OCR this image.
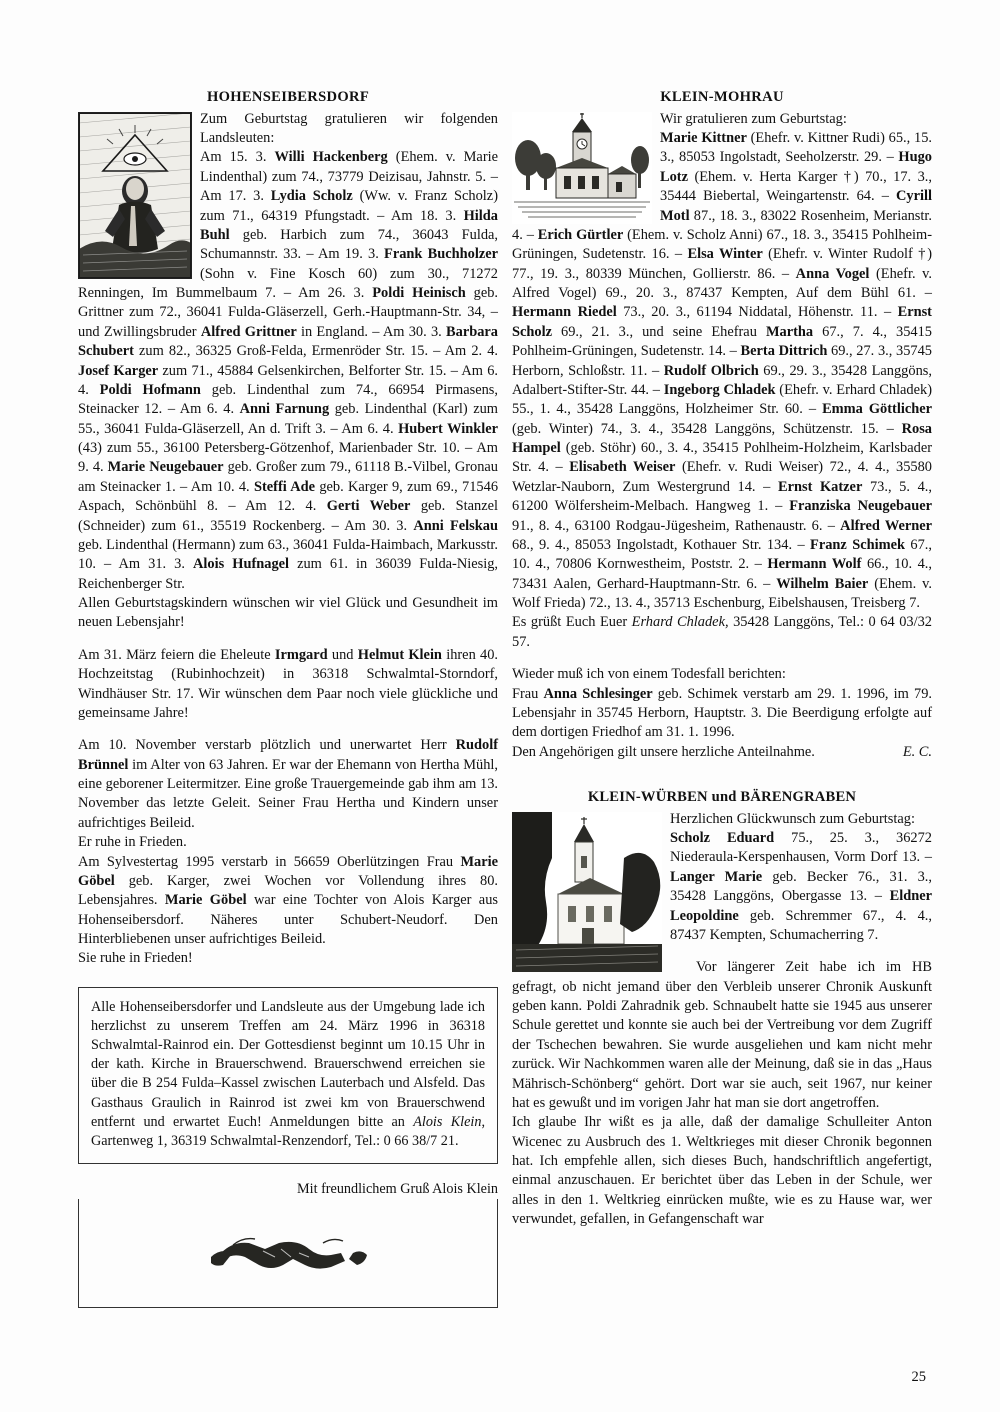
HOHENSEIBERSDORF

Zum Geburtstag gratulieren wir folgenden Landsleuten:

Am 15. 3. Willi Hackenberg (Ehem. v. Marie Lindenthal) zum 74., 73779 Deizisau, Jahnstr. 5. – Am 17. 3. Lydia Scholz (Ww. v. Franz Scholz) zum 71., 64319 Pfungstadt. – Am 18. 3. Hilda Buhl geb. Harbich zum 74., 36043 Fulda, Schumannstr. 33. – Am 19. 3. Frank Buchholzer (Sohn v. Fine Kosch 60) zum 30., 71272 Renningen, Im Bummelbaum 7. – Am 26. 3. Poldi Heinisch geb. Grittner zum 72., 36041 Fulda-Gläserzell, Gerh.-Hauptmann-Str. 34, – und Zwillingsbruder Alfred Grittner in England. – Am 30. 3. Barbara Schubert zum 82., 36325 Groß-Felda, Ermenröder Str. 15. – Am 2. 4. Josef Karger zum 71., 45884 Gelsenkirchen, Belforter Str. 15. – Am 6. 4. Poldi Hofmann geb. Lindenthal zum 74., 66954 Pirmasens, Steinacker 12. – Am 6. 4. Anni Farnung geb. Lindenthal (Karl) zum 55., 36041 Fulda-Gläserzell, An d. Trift 3. – Am 6. 4. Hubert Winkler (43) zum 55., 36100 Petersberg-Götzenhof, Marienbader Str. 10. – Am 9. 4. Marie Neugebauer geb. Großer zum 79., 61118 B.-Vilbel, Gronau am Steinacker 1. – Am 10. 4. Steffi Ade geb. Karger 9, zum 69., 71546 Aspach, Schönbühl 8. – Am 12. 4. Gerti Weber geb. Stanzel (Schneider) zum 61., 35519 Rockenberg. – Am 30. 3. Anni Felskau geb. Lindenthal (Hermann) zum 63., 36041 Fulda-Haimbach, Markusstr. 10. – Am 31. 3. Alois Hufnagel zum 61. in 36039 Fulda-Niesig, Reichenberger Str.

Allen Geburtstagskindern wünschen wir viel Glück und Gesundheit im neuen Lebensjahr!

Am 31. März feiern die Eheleute Irmgard und Helmut Klein ihren 40. Hochzeitstag (Rubinhochzeit) in 36318 Schwalmtal-Storndorf, Windhäuser Str. 17. Wir wünschen dem Paar noch viele glückliche und gemeinsame Jahre!

Am 10. November verstarb plötzlich und unerwartet Herr Rudolf Brünnel im Alter von 63 Jahren. Er war der Ehemann von Hertha Mühl, eine geborener Leitermitzer. Eine große Trauergemeinde gab ihm am 13. November das letzte Geleit. Seiner Frau Hertha und Kindern unser aufrichtiges Beileid.

Er ruhe in Frieden.

Am Sylvestertag 1995 verstarb in 56659 Oberlützingen Frau Marie Göbel geb. Karger, zwei Wochen vor Vollendung ihres 80. Lebensjahres. Marie Göbel war eine Tochter von Alois Karger aus Hohenseibersdorf. Näheres unter Schubert-Neudorf. Den Hinterbliebenen unser aufrichtiges Beileid.

Sie ruhe in Frieden!

Alle Hohenseibersdorfer und Landsleute aus der Umgebung lade ich herzlichst zu unserem Treffen am 24. März 1996 in 36318 Schwalmtal-Rainrod ein. Der Gottesdienst beginnt um 10.15 Uhr in der kath. Kirche in Brauerschwend. Brauerschwend erreichen sie über die B 254 Fulda–Kassel zwischen Lauterbach und Alsfeld. Das Gasthaus Graulich in Rainrod ist zwei km von Brauerschwend entfernt und erwartet Euch! Anmeldungen bitte an Alois Klein, Gartenweg 1, 36319 Schwalmtal-Renzendorf, Tel.: 0 66 38/7 21.

Mit freundlichem Gruß Alois Klein
KLEIN-MOHRAU

Wir gratulieren zum Geburtstag:

Marie Kittner (Ehefr. v. Kittner Rudi) 65., 15. 3., 85053 Ingolstadt, Seeholzerstr. 29. – Hugo Lotz (Ehem. v. Herta Karger †) 70., 17. 3., 35444 Biebertal, Weingartenstr. 64. – Cyrill Motl 87., 18. 3., 83022 Rosenheim, Merianstr. 4. – Erich Gürtler (Ehem. v. Scholz Anni) 67., 18. 3., 35415 Pohlheim-Grüningen, Sudetenstr. 16. – Elsa Winter (Ehefr. v. Winter Rudolf †) 77., 19. 3., 80339 München, Gollierstr. 86. – Anna Vogel (Ehefr. v. Alfred Vogel) 69., 20. 3., 87437 Kempten, Auf dem Bühl 61. – Hermann Riedel 73., 20. 3., 61194 Niddatal, Höhenstr. 11. – Ernst Scholz 69., 21. 3., und seine Ehefrau Martha 67., 7. 4., 35415 Pohlheim-Grüningen, Sudetenstr. 14. – Berta Dittrich 69., 27. 3., 35745 Herborn, Schloßstr. 11. – Rudolf Olbrich 69., 29. 3., 35428 Langgöns, Adalbert-Stifter-Str. 44. – Ingeborg Chladek (Ehefr. v. Erhard Chladek) 55., 1. 4., 35428 Langgöns, Holzheimer Str. 60. – Emma Göttlicher (geb. Winter) 74., 3. 4., 35428 Langgöns, Schützenstr. 15. – Rosa Hampel (geb. Stöhr) 60., 3. 4., 35415 Pohlheim-Holzheim, Karlsbader Str. 4. – Elisabeth Weiser (Ehefr. v. Rudi Weiser) 72., 4. 4., 35580 Wetzlar-Nauborn, Zum Westergrund 14. – Ernst Katzer 73., 5. 4., 61200 Wölfersheim-Melbach. Hangweg 1. – Franziska Neugebauer 91., 8. 4., 63100 Rodgau-Jügesheim, Rathenaustr. 6. – Alfred Werner 68., 9. 4., 85053 Ingolstadt, Kothauer Str. 134. – Franz Schimek 67., 10. 4., 70806 Kornwestheim, Poststr. 2. – Hermann Wolf 66., 10. 4., 73431 Aalen, Gerhard-Hauptmann-Str. 6. – Wilhelm Baier (Ehem. v. Wolf Frieda) 72., 13. 4., 35713 Eschenburg, Eibelshausen, Treisberg 7.

Es grüßt Euch Euer Erhard Chladek, 35428 Langgöns, Tel.: 0 64 03/32 57.

Wieder muß ich von einem Todesfall berichten:

Frau Anna Schlesinger geb. Schimek verstarb am 29. 1. 1996, im 79. Lebensjahr in 35745 Herborn, Hauptstr. 3. Die Beerdigung erfolgte auf dem dortigen Friedhof am 31. 1. 1996.

Den Angehörigen gilt unsere herzliche Anteilnahme.	E. C.

KLEIN-WÜRBEN und BÄRENGRABEN

Herzlichen Glückwunsch zum Geburtstag:

Scholz Eduard 75., 25. 3., 36272 Niederaula-Kerspenhausen, Vorm Dorf 13. – Langer Marie geb. Becker 76., 31. 3., 35428 Langgöns, Obergasse 13. – Eldner Leopoldine geb. Schremmer 67., 4. 4., 87437 Kempten, Schumacherring 7.

Vor längerer Zeit habe ich im HB gefragt, ob nicht jemand über den Verbleib unserer Chronik Auskunft geben kann. Poldi Zahradnik geb. Schnaubelt hatte sie 1945 aus unserer Schule gerettet und konnte sie auch bei der Vertreibung vor dem Zugriff der Tschechen bewahren. Sie wurde ausgeliehen und kam nicht mehr zurück. Wir Nachkommen waren alle der Meinung, daß sie in das „Haus Mährisch-Schönberg“ gehört. Dort war sie auch, seit 1967, nur keiner hat es gewußt und im vorigen Jahr hat man sie dort angetroffen.

Ich glaube Ihr wißt es ja alle, daß der damalige Schulleiter Anton Wicenec zu Ausbruch des 1. Weltkrieges mit dieser Chronik begonnen hat. Ich empfehle allen, sich dieses Buch, handschriftlich angefertigt, einmal anzuschauen. Er berichtet über das Leben in der Schule, wer alles in den 1. Weltkrieg einrücken mußte, wie es zu Hause war, wer verwundet, gefallen, in Gefangenschaft war

25
